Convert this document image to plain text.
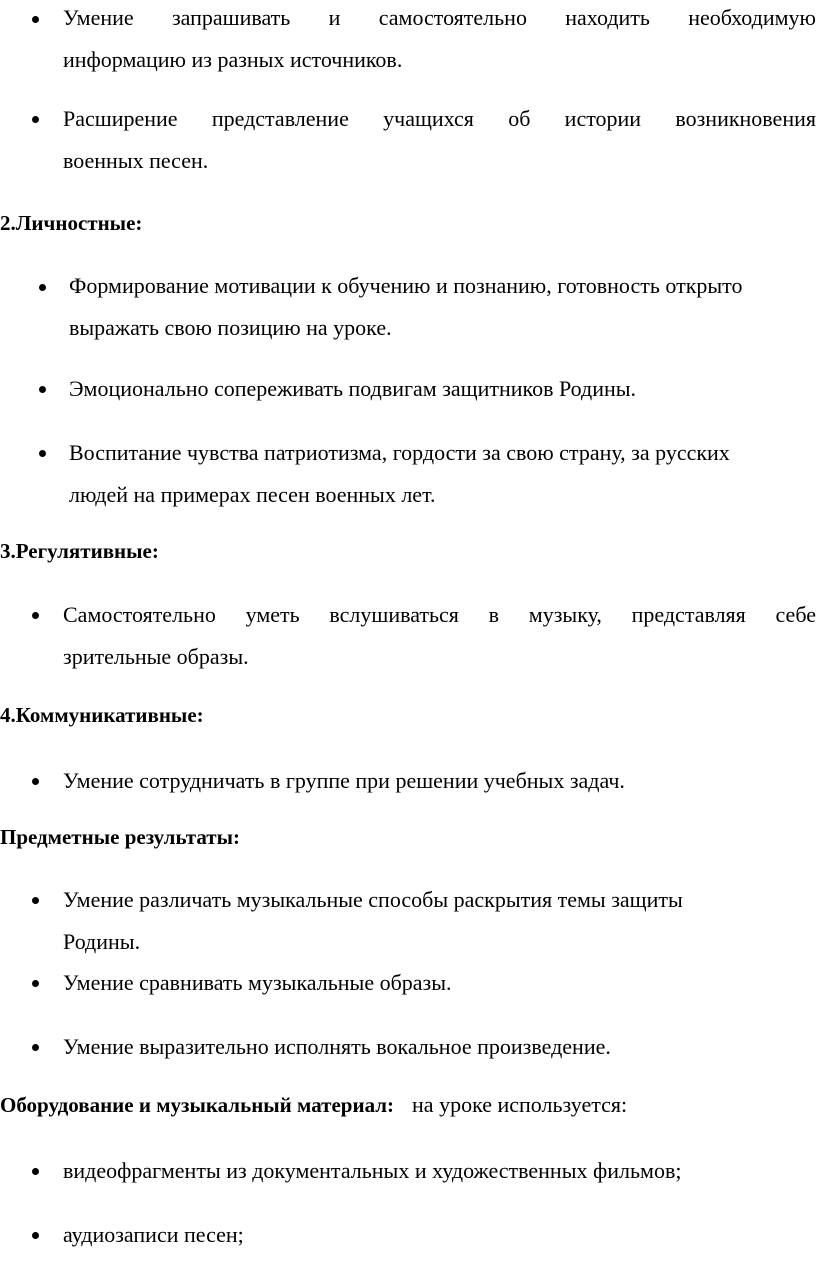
Умение запрашивать и самостоятельно находить необходимую
информацию из разных источников.
Расширение представление учащихся об истории возникновения
военных песен.
2.Личностные:
Формирование мотивации к обучению и познанию, готовность открыто
выражать свою позицию на уроке.
Эмоционально сопереживать подвигам защитников Родины.
Воспитание чувства патриотизма, гордости за свою страну, за русских
людей на примерах песен военных лет.
3.Регулятивные:
Самостоятельно уметь вслушиваться в музыку, представляя себе
зрительные образы.
4.Коммуникативные:
Умение сотрудничать в группе при решении учебных задач.
Предметные результаты:
Умение различать музыкальные способы раскрытия темы защиты
Родины.
Умение сравнивать музыкальные образы.
Умение выразительно исполнять вокальное произведение.
Оборудование и музыкальный материал: на уроке используется:
видеофрагменты из документальных и художественных фильмов;
аудиозаписи песен;
